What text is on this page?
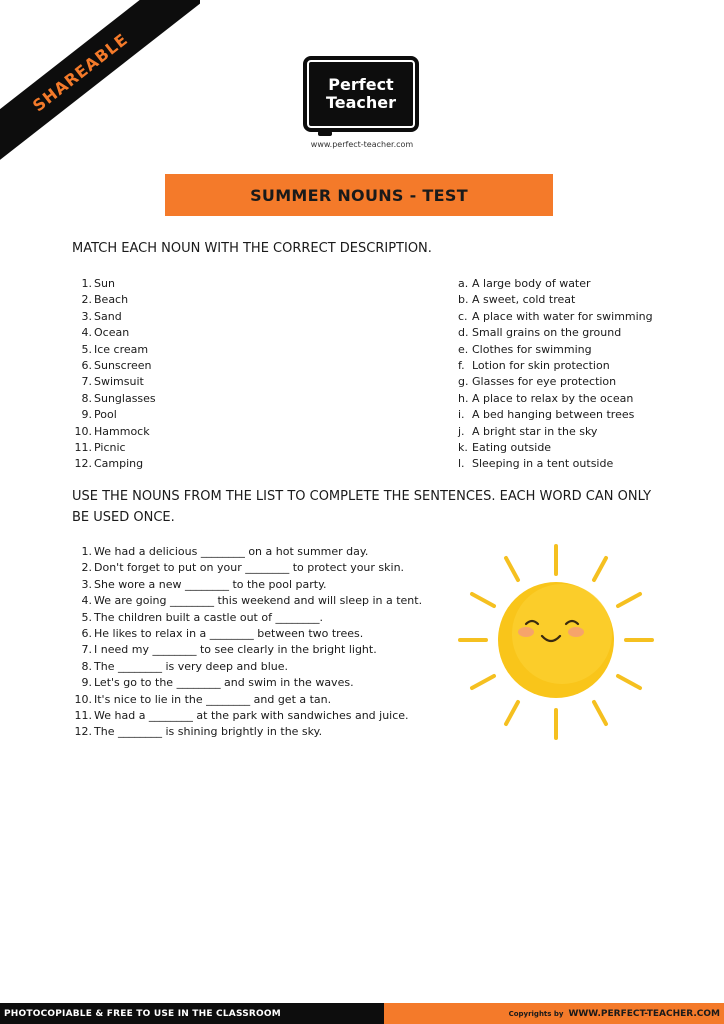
SHAREABLE	Perfect
Teacher
www.perfect-teacher.com
SUMMER NOUNS - TEST
MATCH EACH NOUN WITH THE CORRECT DESCRIPTION.
1. Sun
2. Beach
3. Sand
4. Ocean
5. Ice cream
6. Sunscreen
7. Swimsuit
8. Sunglasses
9. Pool
10. Hammock
11. Picnic
12. Camping
a. A large body of water
b. A sweet, cold treat
c. A place with water for swimming
d. Small grains on the ground
e. Clothes for swimming
f. Lotion for skin protection
g. Glasses for eye protection
h. A place to relax by the ocean
i. A bed hanging between trees
j. A bright star in the sky
k. Eating outside
l. Sleeping in a tent outside
USE THE NOUNS FROM THE LIST TO COMPLETE THE SENTENCES. EACH WORD CAN ONLY BE USED ONCE.
1. We had a delicious ________ on a hot summer day.
2. Don't forget to put on your ________ to protect your skin.
3. She wore a new ________ to the pool party.
4. We are going ________ this weekend and will sleep in a tent.
5. The children built a castle out of ________.
6. He likes to relax in a ________ between two trees.
7. I need my ________ to see clearly in the bright light.
8. The ________ is very deep and blue.
9. Let's go to the ________ and swim in the waves.
10. It's nice to lie in the ________ and get a tan.
11. We had a ________ at the park with sandwiches and juice.
12. The ________ is shining brightly in the sky.
PHOTOCOPIABLE & FREE TO USE IN THE CLASSROOM	Copyrights by WWW.PERFECT-TEACHER.COM
